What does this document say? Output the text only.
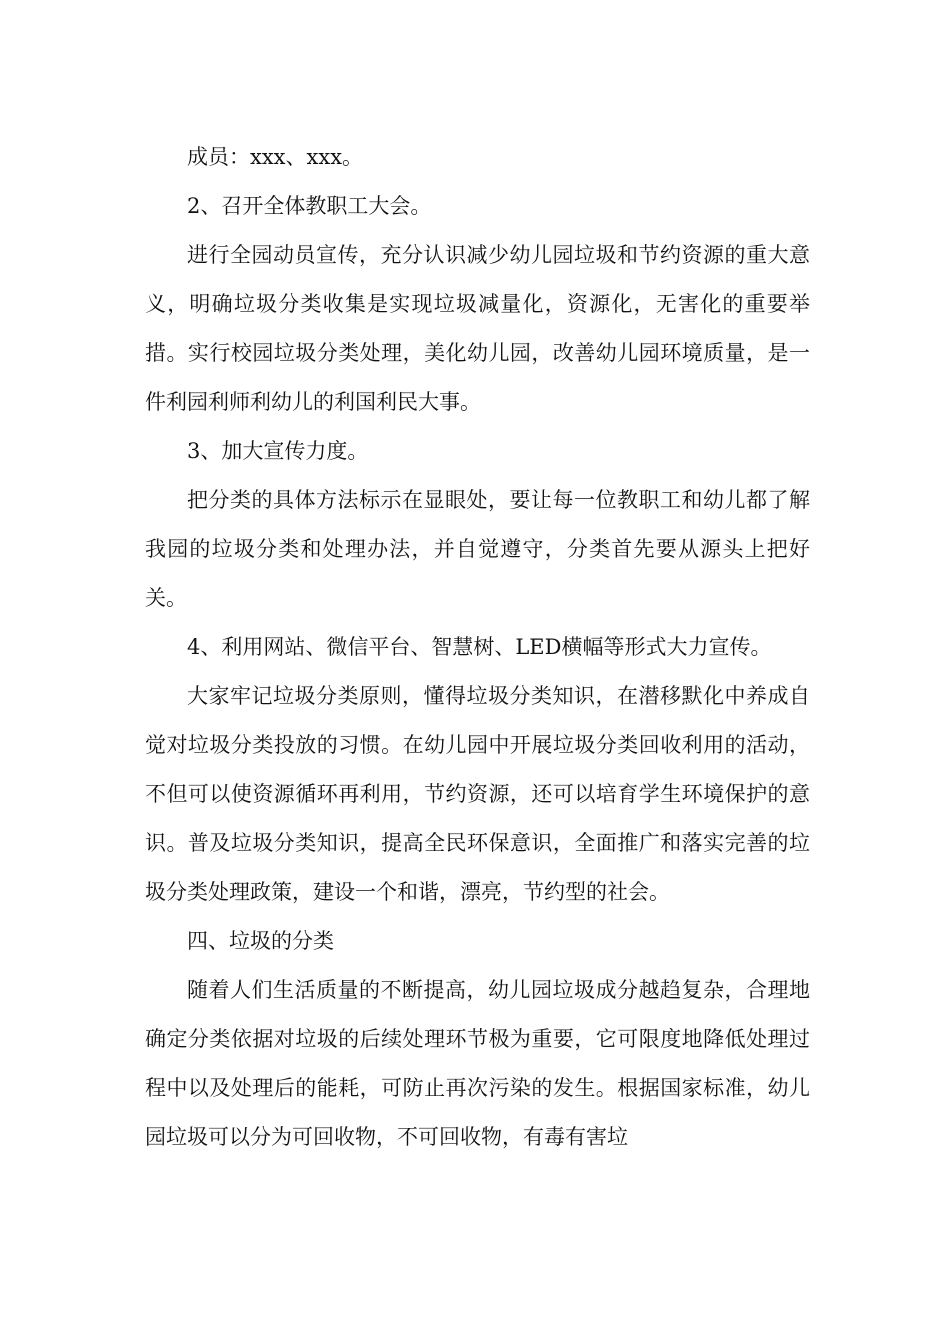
成员：xxx、xxx。

2、召开全体教职工大会。

进行全园动员宣传，充分认识减少幼儿园垃圾和节约资源的重大意义，明确垃圾分类收集是实现垃圾减量化，资源化，无害化的重要举措。实行校园垃圾分类处理，美化幼儿园，改善幼儿园环境质量，是一件利园利师利幼儿的利国利民大事。

3、加大宣传力度。

把分类的具体方法标示在显眼处，要让每一位教职工和幼儿都了解我园的垃圾分类和处理办法，并自觉遵守，分类首先要从源头上把好关。

4、利用网站、微信平台、智慧树、LED横幅等形式大力宣传。

大家牢记垃圾分类原则，懂得垃圾分类知识，在潜移默化中养成自觉对垃圾分类投放的习惯。在幼儿园中开展垃圾分类回收利用的活动，不但可以使资源循环再利用，节约资源，还可以培育学生环境保护的意识。普及垃圾分类知识，提高全民环保意识，全面推广和落实完善的垃圾分类处理政策，建设一个和谐，漂亮，节约型的社会。

四、垃圾的分类

随着人们生活质量的不断提高，幼儿园垃圾成分越趋复杂，合理地确定分类依据对垃圾的后续处理环节极为重要，它可限度地降低处理过程中以及处理后的能耗，可防止再次污染的发生。根据国家标准，幼儿园垃圾可以分为可回收物，不可回收物，有毒有害垃
